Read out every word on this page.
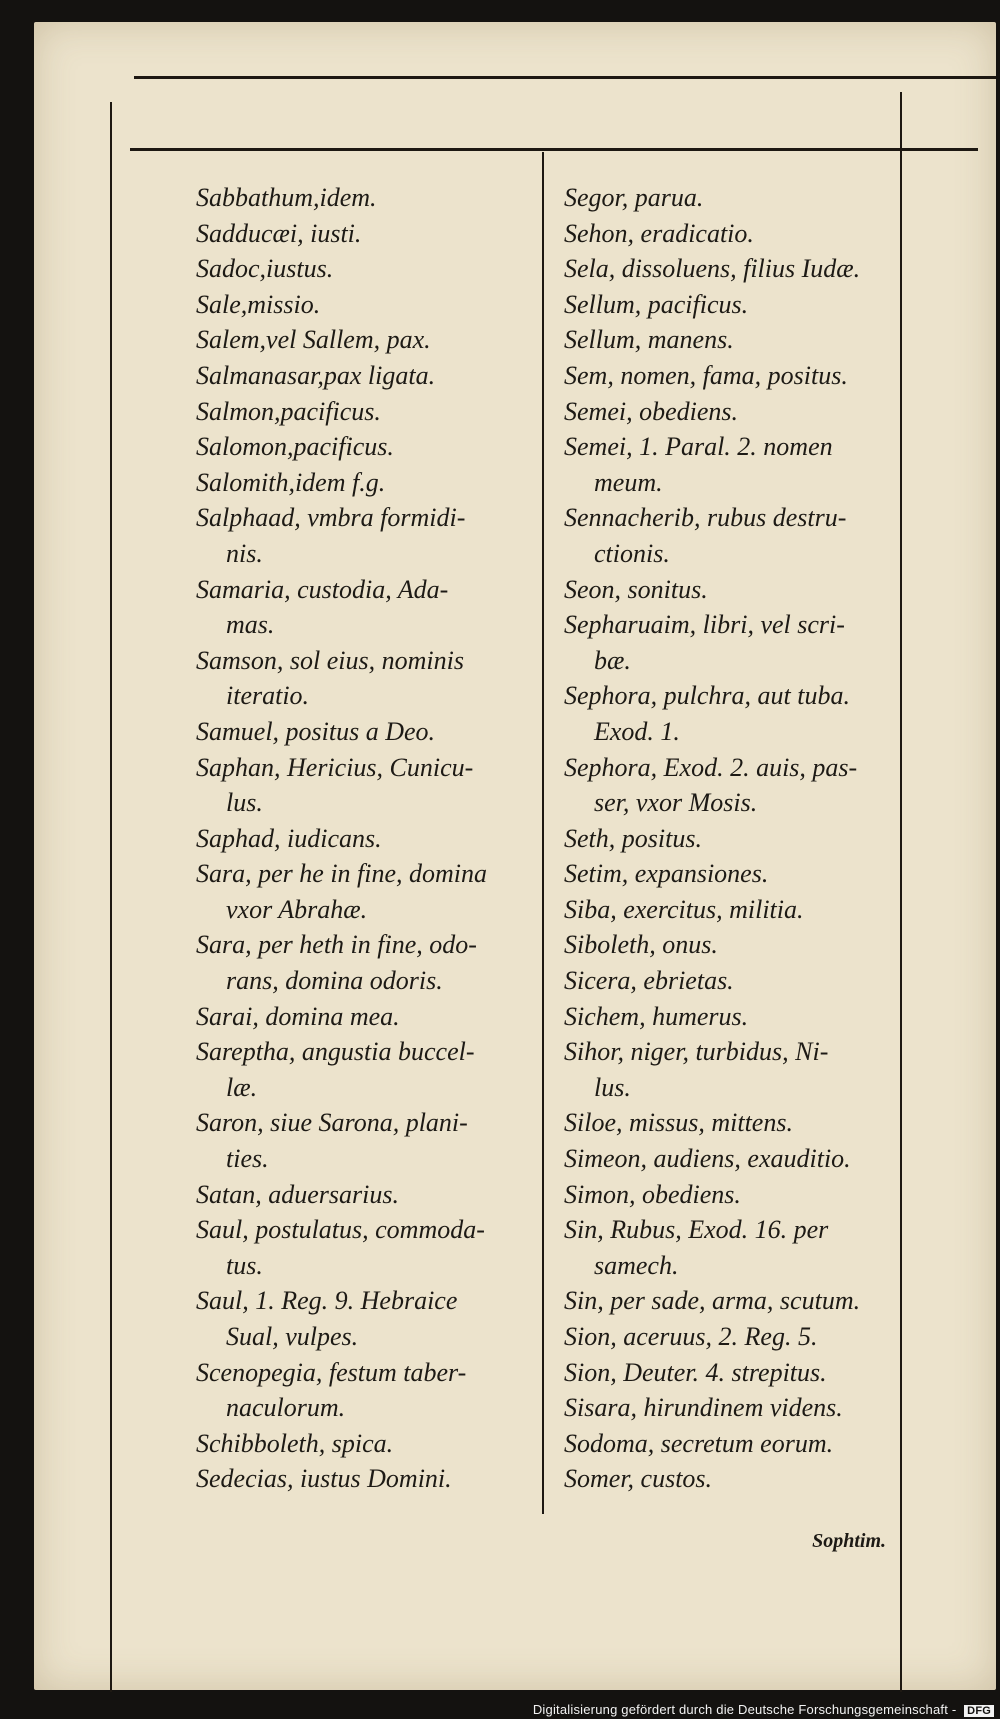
Sabbathum,idem.
Sadducæi, iusti.
Sadoc,iustus.
Sale,missio.
Salem,vel Sallem, pax.
Salmanasar,pax ligata.
Salmon,pacificus.
Salomon,pacificus.
Salomith,idem f.g.
Salphaad, vmbra formidi-
nis.
Samaria, custodia, Ada-
mas.
Samson, sol eius, nominis
iteratio.
Samuel, positus a Deo.
Saphan, Hericius, Cunicu-
lus.
Saphad, iudicans.
Sara, per he in fine, domina
vxor Abrahæ.
Sara, per heth in fine, odo-
rans, domina odoris.
Sarai, domina mea.
Sareptha, angustia buccel-
læ.
Saron, siue Sarona, plani-
ties.
Satan, aduersarius.
Saul, postulatus, commoda-
tus.
Saul, 1. Reg. 9. Hebraice
Sual, vulpes.
Scenopegia, festum taber-
naculorum.
Schibboleth, spica.
Sedecias, iustus Domini.
Segor, parua.
Sehon, eradicatio.
Sela, dissoluens, filius Iudæ.
Sellum, pacificus.
Sellum, manens.
Sem, nomen, fama, positus.
Semei, obediens.
Semei, 1. Paral. 2. nomen
meum.
Sennacherib, rubus destru-
ctionis.
Seon, sonitus.
Sepharuaim, libri, vel scri-
bæ.
Sephora, pulchra, aut tuba.
Exod. 1.
Sephora, Exod. 2. auis, pas-
ser, vxor Mosis.
Seth, positus.
Setim, expansiones.
Siba, exercitus, militia.
Siboleth, onus.
Sicera, ebrietas.
Sichem, humerus.
Sihor, niger, turbidus, Ni-
lus.
Siloe, missus, mittens.
Simeon, audiens, exauditio.
Simon, obediens.
Sin, Rubus, Exod. 16. per
samech.
Sin, per sade, arma, scutum.
Sion, aceruus, 2. Reg. 5.
Sion, Deuter. 4. strepitus.
Sisara, hirundinem videns.
Sodoma, secretum eorum.
Somer, custos.
Sophtim.
Digitalisierung gefördert durch die Deutsche Forschungsgemeinschaft - DFG
